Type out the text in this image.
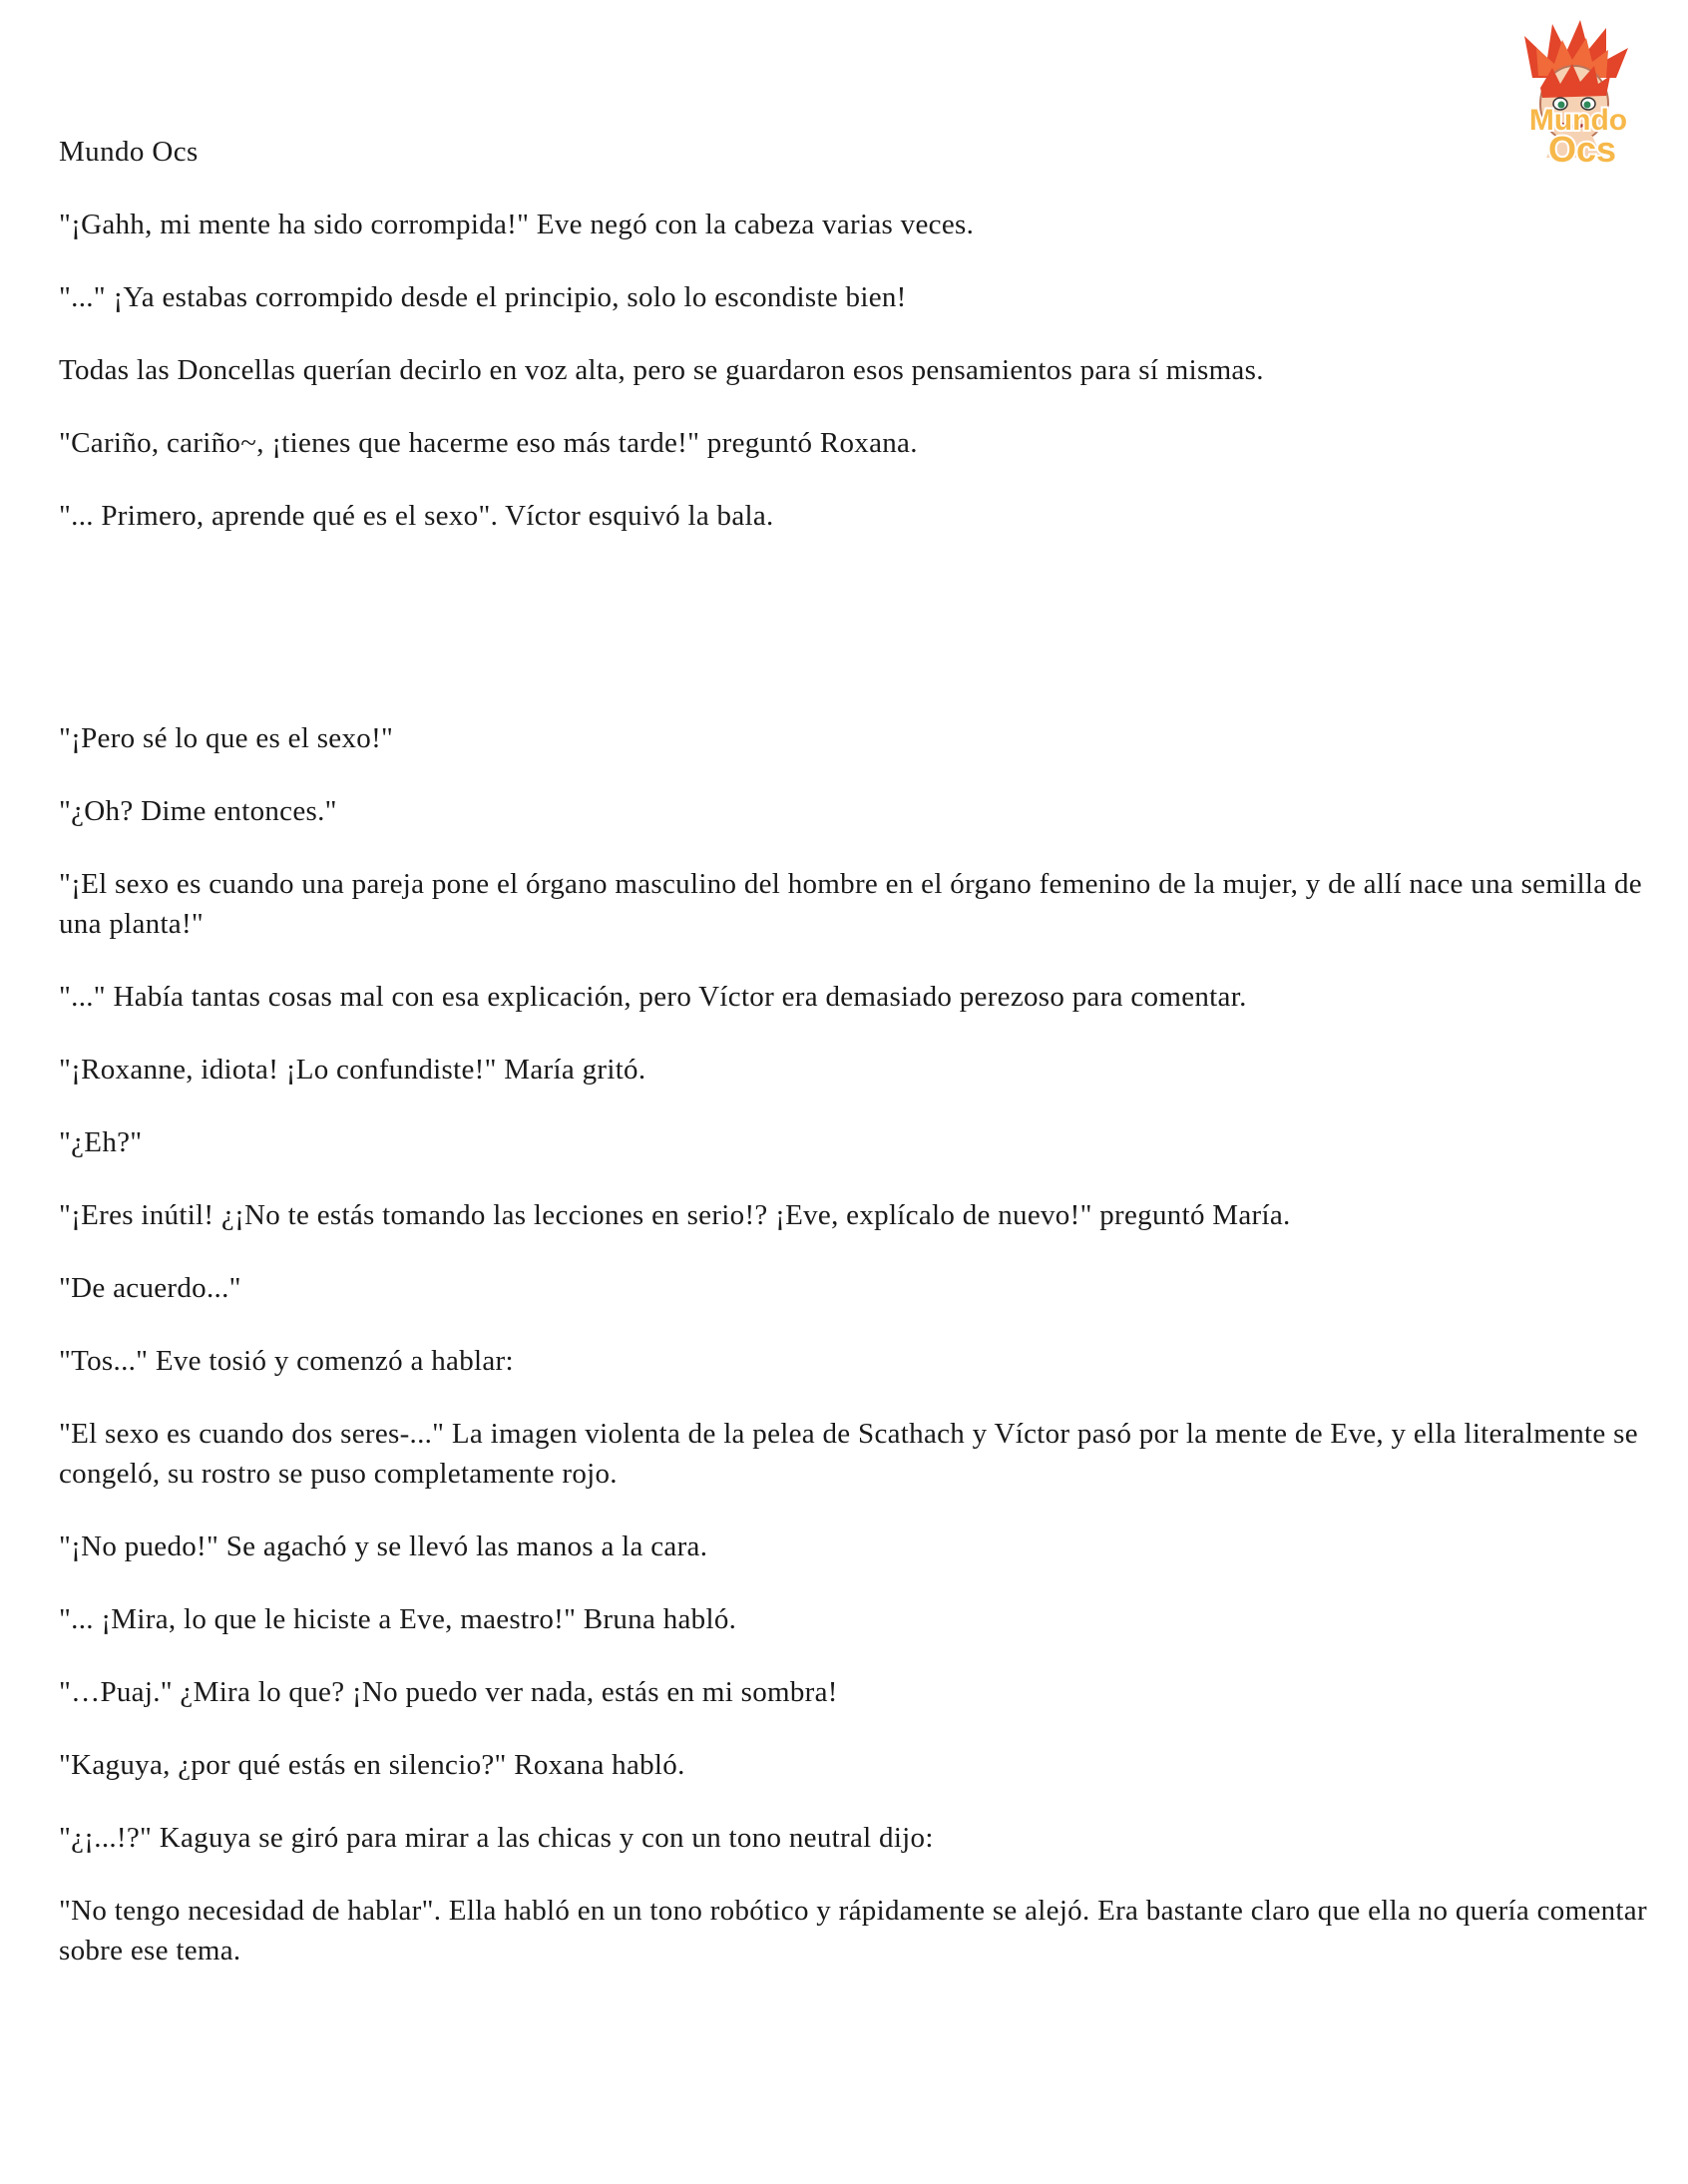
Mundo
Ocs

Mundo Ocs

"¡Gahh, mi mente ha sido corrompida!" Eve negó con la cabeza varias veces.

"..." ¡Ya estabas corrompido desde el principio, solo lo escondiste bien!

Todas las Doncellas querían decirlo en voz alta, pero se guardaron esos pensamientos para sí mismas.

"Cariño, cariño~, ¡tienes que hacerme eso más tarde!" preguntó Roxana.

"... Primero, aprende qué es el sexo". Víctor esquivó la bala.

"¡Pero sé lo que es el sexo!"

"¿Oh? Dime entonces."

"¡El sexo es cuando una pareja pone el órgano masculino del hombre en el órgano femenino de la mujer, y de allí nace una semilla de una planta!"

"..." Había tantas cosas mal con esa explicación, pero Víctor era demasiado perezoso para comentar.

"¡Roxanne, idiota! ¡Lo confundiste!" María gritó.

"¿Eh?"

"¡Eres inútil! ¿¡No te estás tomando las lecciones en serio!? ¡Eve, explícalo de nuevo!" preguntó María.

"De acuerdo..."

"Tos..." Eve tosió y comenzó a hablar:

"El sexo es cuando dos seres-..." La imagen violenta de la pelea de Scathach y Víctor pasó por la mente de Eve, y ella literalmente se congeló, su rostro se puso completamente rojo.

"¡No puedo!" Se agachó y se llevó las manos a la cara.

"... ¡Mira, lo que le hiciste a Eve, maestro!" Bruna habló.

"…Puaj." ¿Mira lo que? ¡No puedo ver nada, estás en mi sombra!

"Kaguya, ¿por qué estás en silencio?" Roxana habló.

"¿¡...!?" Kaguya se giró para mirar a las chicas y con un tono neutral dijo:

"No tengo necesidad de hablar". Ella habló en un tono robótico y rápidamente se alejó. Era bastante claro que ella no quería comentar sobre ese tema.
